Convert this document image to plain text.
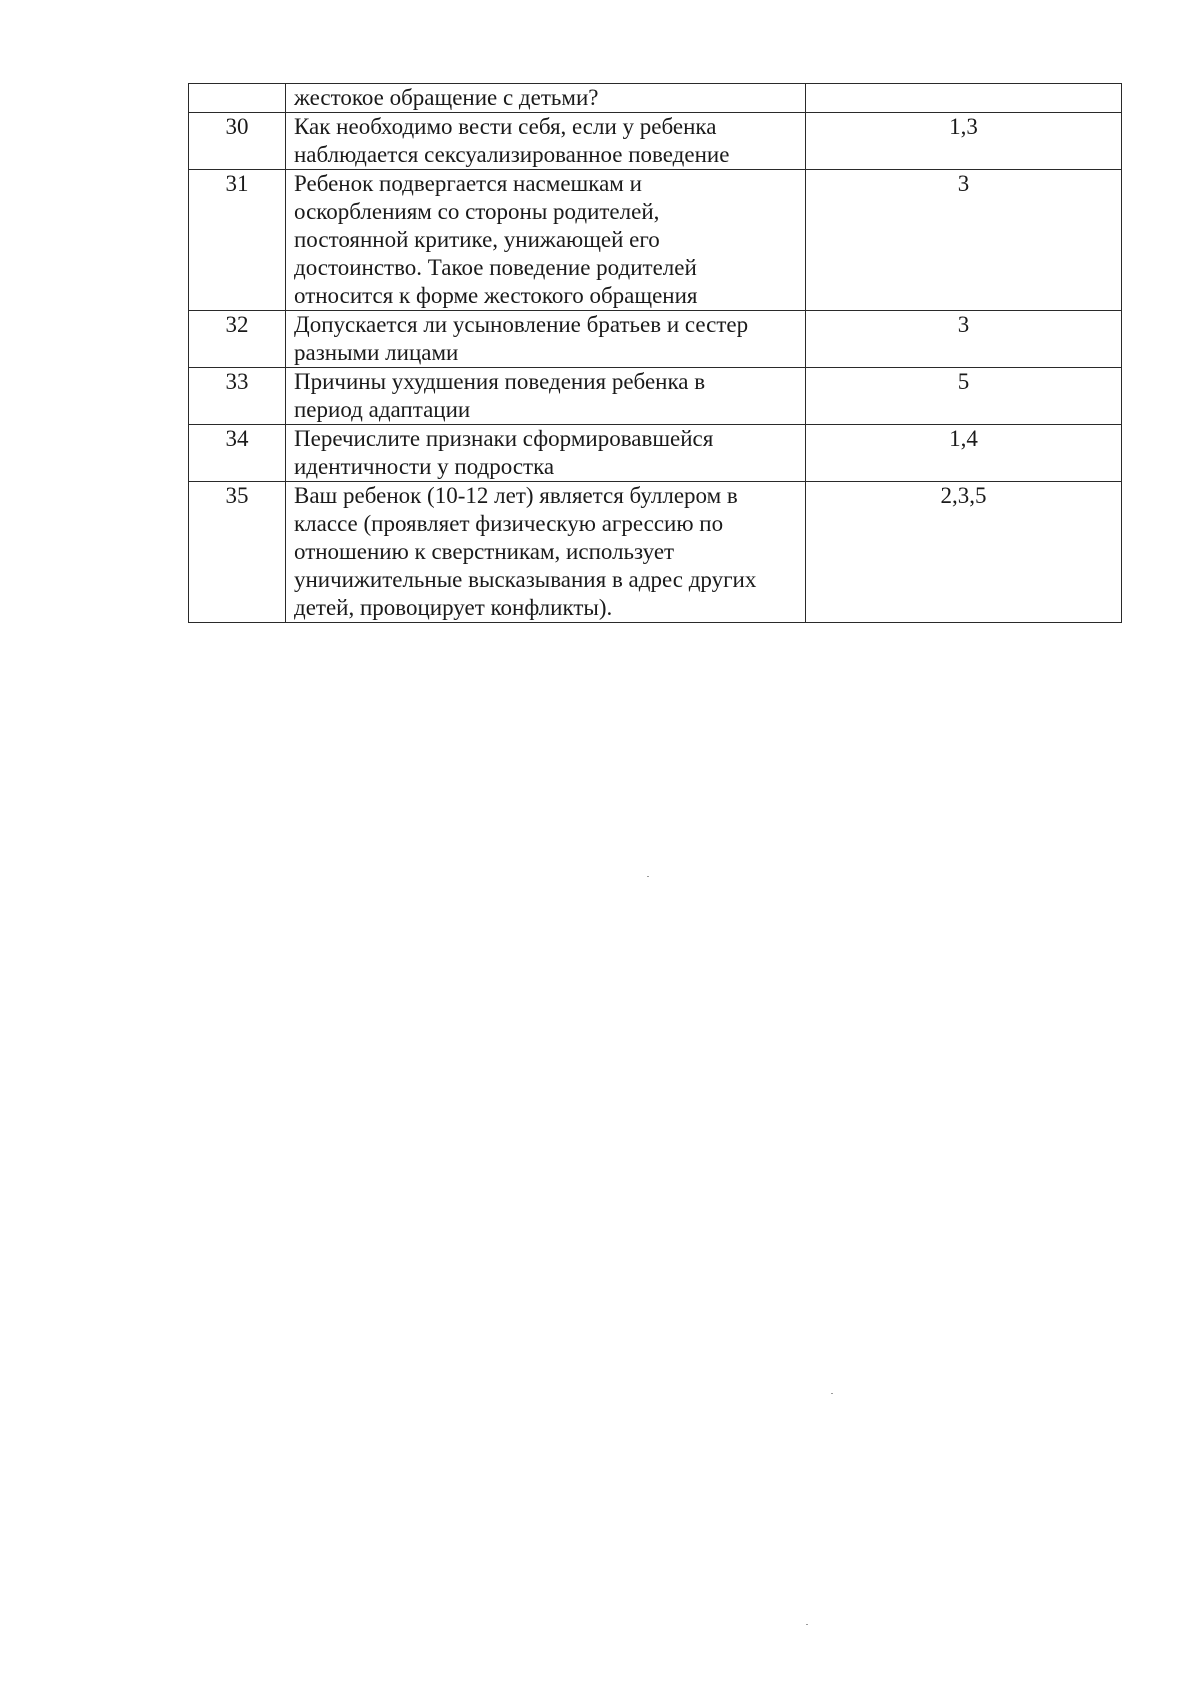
	жестокое обращение с детьми?	

30	Как необходимо вести себя, если у ребенка
наблюдается сексуализированное поведение	1,3
31	Ребенок подвергается насмешкам и
оскорблениям со стороны родителей,
постоянной критике, унижающей его
достоинство. Такое поведение родителей
относится к форме жестокого обращения	3
32	Допускается ли усыновление братьев и сестер
разными лицами	3
33	Причины ухудшения поведения ребенка в
период адаптации	5
34	Перечислите признаки сформировавшейся
идентичности у подростка	1,4
35	Ваш ребенок (10-12 лет) является буллером в
классе (проявляет физическую агрессию по
отношению к сверстникам, использует
уничижительные высказывания в адрес других
детей, провоцирует конфликты).	2,3,5
